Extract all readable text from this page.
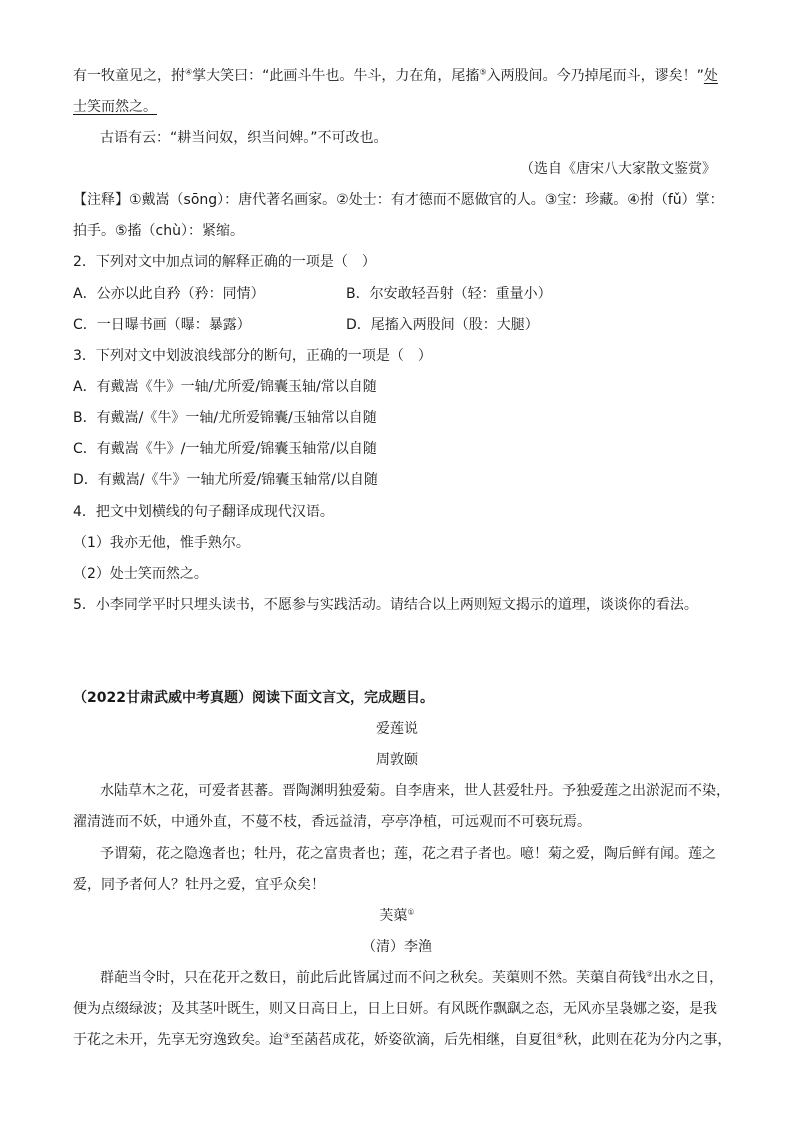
有一牧童见之，拊④掌大笑曰：“此画斗牛也。牛斗，力在角，尾搐⑤入两股间。今乃掉尾而斗，谬矣！”处
士笑而然之。
古语有云：“耕当问奴，织当问婢。”不可改也。
（选自《唐宋八大家散文鉴赏》
【注释】①戴嵩（sōng）：唐代著名画家。②处士：有才德而不愿做官的人。③宝：珍藏。④拊（fǔ）掌：
拍手。⑤搐（chù）：紧缩。
2．下列对文中加点词的解释正确的一项是（　）
A．公亦以此自矜（矜：同情）	B．尔安敢轻吾射（轻：重量小）
C．一日曝书画（曝：暴露）	D．尾搐入两股间（股：大腿）
3．下列对文中划波浪线部分的断句，正确的一项是（　）
A．有戴嵩《牛》一轴/尤所爱/锦囊玉轴/常以自随
B．有戴嵩/《牛》一轴/尤所爱锦囊/玉轴常以自随
C．有戴嵩《牛》/一轴尤所爱/锦囊玉轴常/以自随
D．有戴嵩/《牛》一轴尤所爱/锦囊玉轴常/以自随
4．把文中划横线的句子翻译成现代汉语。
（1）我亦无他，惟手熟尔。
（2）处士笑而然之。
5．小李同学平时只埋头读书，不愿参与实践活动。请结合以上两则短文揭示的道理，谈谈你的看法。
（2022甘肃武威中考真题）阅读下面文言文，完成题目。
爱莲说
周敦颐
水陆草木之花，可爱者甚蕃。晋陶渊明独爱菊。自李唐来，世人甚爱牡丹。予独爱莲之出淤泥而不染，
濯清涟而不妖，中通外直，不蔓不枝，香远益清，亭亭净植，可远观而不可亵玩焉。
予谓菊，花之隐逸者也；牡丹，花之富贵者也；莲，花之君子者也。噫！菊之爱，陶后鲜有闻。莲之
爱，同予者何人？牡丹之爱，宜乎众矣！
芙蕖①
（清）李渔
群葩当令时，只在花开之数日，前此后此皆属过而不问之秋矣。芙蕖则不然。芙蕖自荷钱②出水之日，
便为点缀绿波；及其茎叶既生，则又日高日上，日上日妍。有风既作飘飖之态，无风亦呈袅娜之姿，是我
于花之未开，先享无穷逸致矣。迨③至菡萏成花，娇姿欲滴，后先相继，自夏徂④秋，此则在花为分内之事，
